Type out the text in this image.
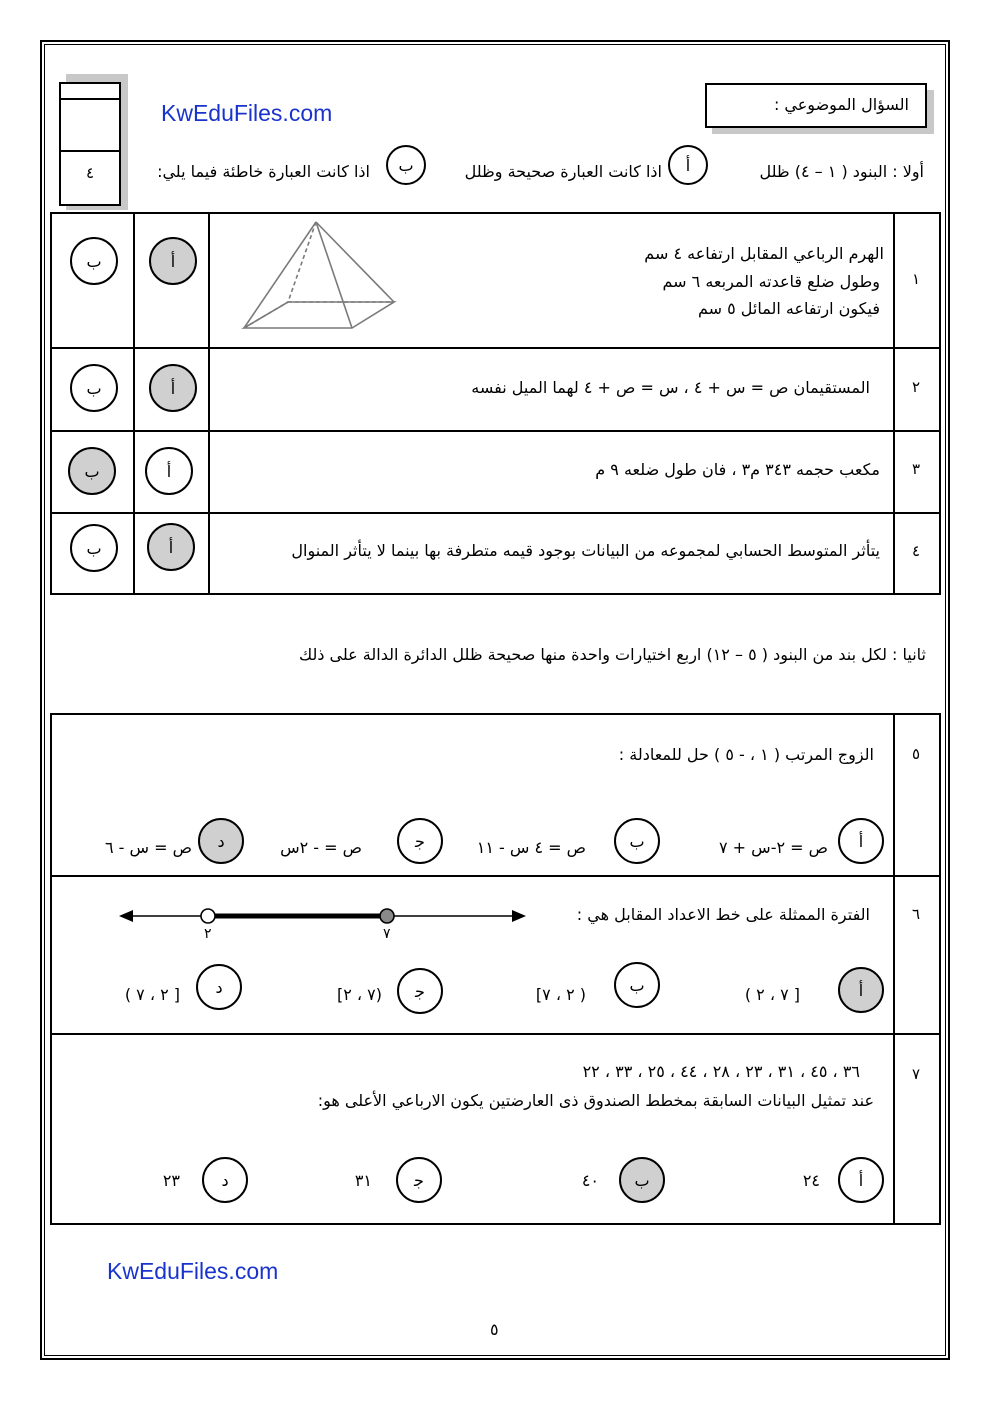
٤
KwEduFiles.com	السؤال الموضوعي :
أولا : البنود ( ١ – ٤) ظلل
أ
اذا كانت العبارة صحيحة وظلل
ب
اذا كانت العبارة خاطئة فيما يلي:
١
الهرم الرباعي المقابل ارتفاعه ٤ سم
وطول ضلع قاعدته المربعه ٦ سم
فيكون ارتفاعه المائل ٥ سم
أ
ب
٢
المستقيمان ص = س + ٤ ، س = ص + ٤ لهما الميل نفسه
أ
ب
٣
مكعب حجمه ٣٤٣ م٣ ، فان طول ضلعه ٩ م
أ
ب
٤
يتأثر المتوسط الحسابي لمجموعه من البيانات بوجود قيمه متطرفة بها بينما لا يتأثر المنوال
أ
ب
ثانيا : لكل بند من البنود ( ٥ – ١٢) اربع اختيارات واحدة منها صحيحة ظلل الدائرة الدالة على ذلك
٥
الزوج المرتب ( ١ ، - ٥ ) حل للمعادلة :
أ
ص = ٢-س + ٧
ب
ص = ٤ س - ١١
ﺟ
ص = - ٢س
د
ص = س - ٦
٦
الفترة الممثلة على خط الاعداد المقابل هي :
٢	٧
أ
[ ٧ ، ٢ )
ب
( ٢ ، ٧]
ﺟ
(٧ ، ٢]
د
[ ٢ ، ٧ )
٧
٣٦ ، ٤٥ ، ٣١ ، ٢٣ ، ٢٨ ، ٤٤ ، ٢٥ ، ٣٣ ، ٢٢
عند تمثيل البيانات السابقة بمخطط الصندوق ذى العارضتين يكون الارباعي الأعلى هو:
أ
٢٤
ب
٤٠
ﺟ
٣١
د
٢٣
KwEduFiles.com
٥
